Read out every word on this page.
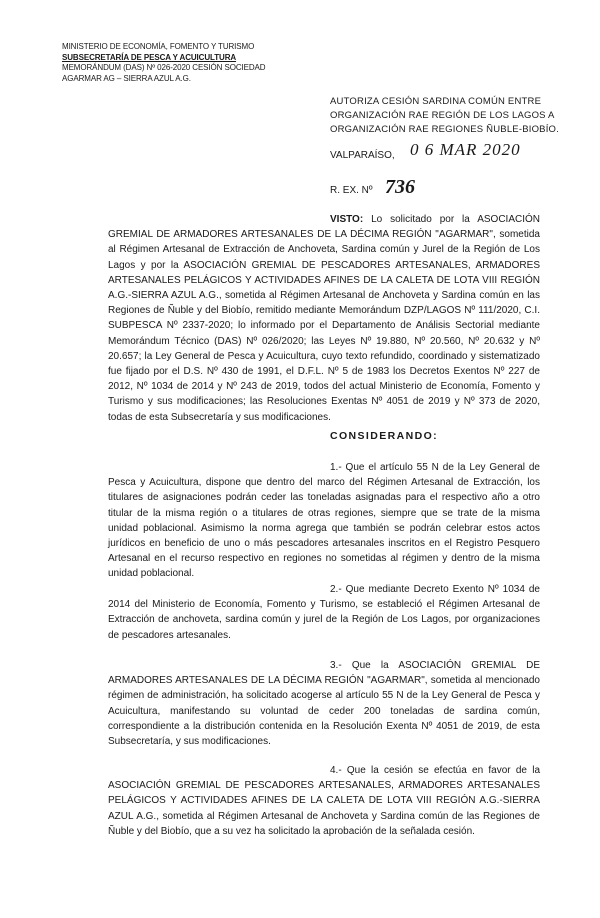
MINISTERIO DE ECONOMÍA, FOMENTO Y TURISMO
SUBSECRETARÍA DE PESCA Y ACUICULTURA
MEMORÁNDUM (DAS) Nº 026-2020 CESIÓN SOCIEDAD
AGARMAR AG – SIERRA AZUL A.G.
AUTORIZA CESIÓN SARDINA COMÚN ENTRE ORGANIZACIÓN RAE REGIÓN DE LOS LAGOS A ORGANIZACIÓN RAE REGIONES ÑUBLE-BIOBÍO.
VALPARAÍSO, 0 6 MAR 2020
R. EX. Nº 736
VISTO: Lo solicitado por la ASOCIACIÓN GREMIAL DE ARMADORES ARTESANALES DE LA DÉCIMA REGIÓN "AGARMAR", sometida al Régimen Artesanal de Extracción de Anchoveta, Sardina común y Jurel de la Región de Los Lagos y por la ASOCIACIÓN GREMIAL DE PESCADORES ARTESANALES, ARMADORES ARTESANALES PELÁGICOS Y ACTIVIDADES AFINES DE LA CALETA DE LOTA VIII REGIÓN A.G.-SIERRA AZUL A.G., sometida al Régimen Artesanal de Anchoveta y Sardina común en las Regiones de Ñuble y del Biobío, remitido mediante Memorándum DZP/LAGOS Nº 111/2020, C.I. SUBPESCA Nº 2337-2020; lo informado por el Departamento de Análisis Sectorial mediante Memorándum Técnico (DAS) Nº 026/2020; las Leyes Nº 19.880, Nº 20.560, Nº 20.632 y Nº 20.657; la Ley General de Pesca y Acuicultura, cuyo texto refundido, coordinado y sistematizado fue fijado por el D.S. Nº 430 de 1991, el D.F.L. Nº 5 de 1983 los Decretos Exentos Nº 227 de 2012, Nº 1034 de 2014 y Nº 243 de 2019, todos del actual Ministerio de Economía, Fomento y Turismo y sus modificaciones; las Resoluciones Exentas Nº 4051 de 2019 y Nº 373 de 2020, todas de esta Subsecretaría y sus modificaciones.
CONSIDERANDO:
1.- Que el artículo 55 N de la Ley General de Pesca y Acuicultura, dispone que dentro del marco del Régimen Artesanal de Extracción, los titulares de asignaciones podrán ceder las toneladas asignadas para el respectivo año a otro titular de la misma región o a titulares de otras regiones, siempre que se trate de la misma unidad poblacional. Asimismo la norma agrega que también se podrán celebrar estos actos jurídicos en beneficio de uno o más pescadores artesanales inscritos en el Registro Pesquero Artesanal en el recurso respectivo en regiones no sometidas al régimen y dentro de la misma unidad poblacional.
2.- Que mediante Decreto Exento Nº 1034 de 2014 del Ministerio de Economía, Fomento y Turismo, se estableció el Régimen Artesanal de Extracción de anchoveta, sardina común y jurel de la Región de Los Lagos, por organizaciones de pescadores artesanales.
3.- Que la ASOCIACIÓN GREMIAL DE ARMADORES ARTESANALES DE LA DÉCIMA REGIÓN "AGARMAR", sometida al mencionado régimen de administración, ha solicitado acogerse al artículo 55 N de la Ley General de Pesca y Acuicultura, manifestando su voluntad de ceder 200 toneladas de sardina común, correspondiente a la distribución contenida en la Resolución Exenta Nº 4051 de 2019, de esta Subsecretaría, y sus modificaciones.
4.- Que la cesión se efectúa en favor de la ASOCIACIÓN GREMIAL DE PESCADORES ARTESANALES, ARMADORES ARTESANALES PELÁGICOS Y ACTIVIDADES AFINES DE LA CALETA DE LOTA VIII REGIÓN A.G.-SIERRA AZUL A.G., sometida al Régimen Artesanal de Anchoveta y Sardina común de las Regiones de Ñuble y del Biobío, que a su vez ha solicitado la aprobación de la señalada cesión.
